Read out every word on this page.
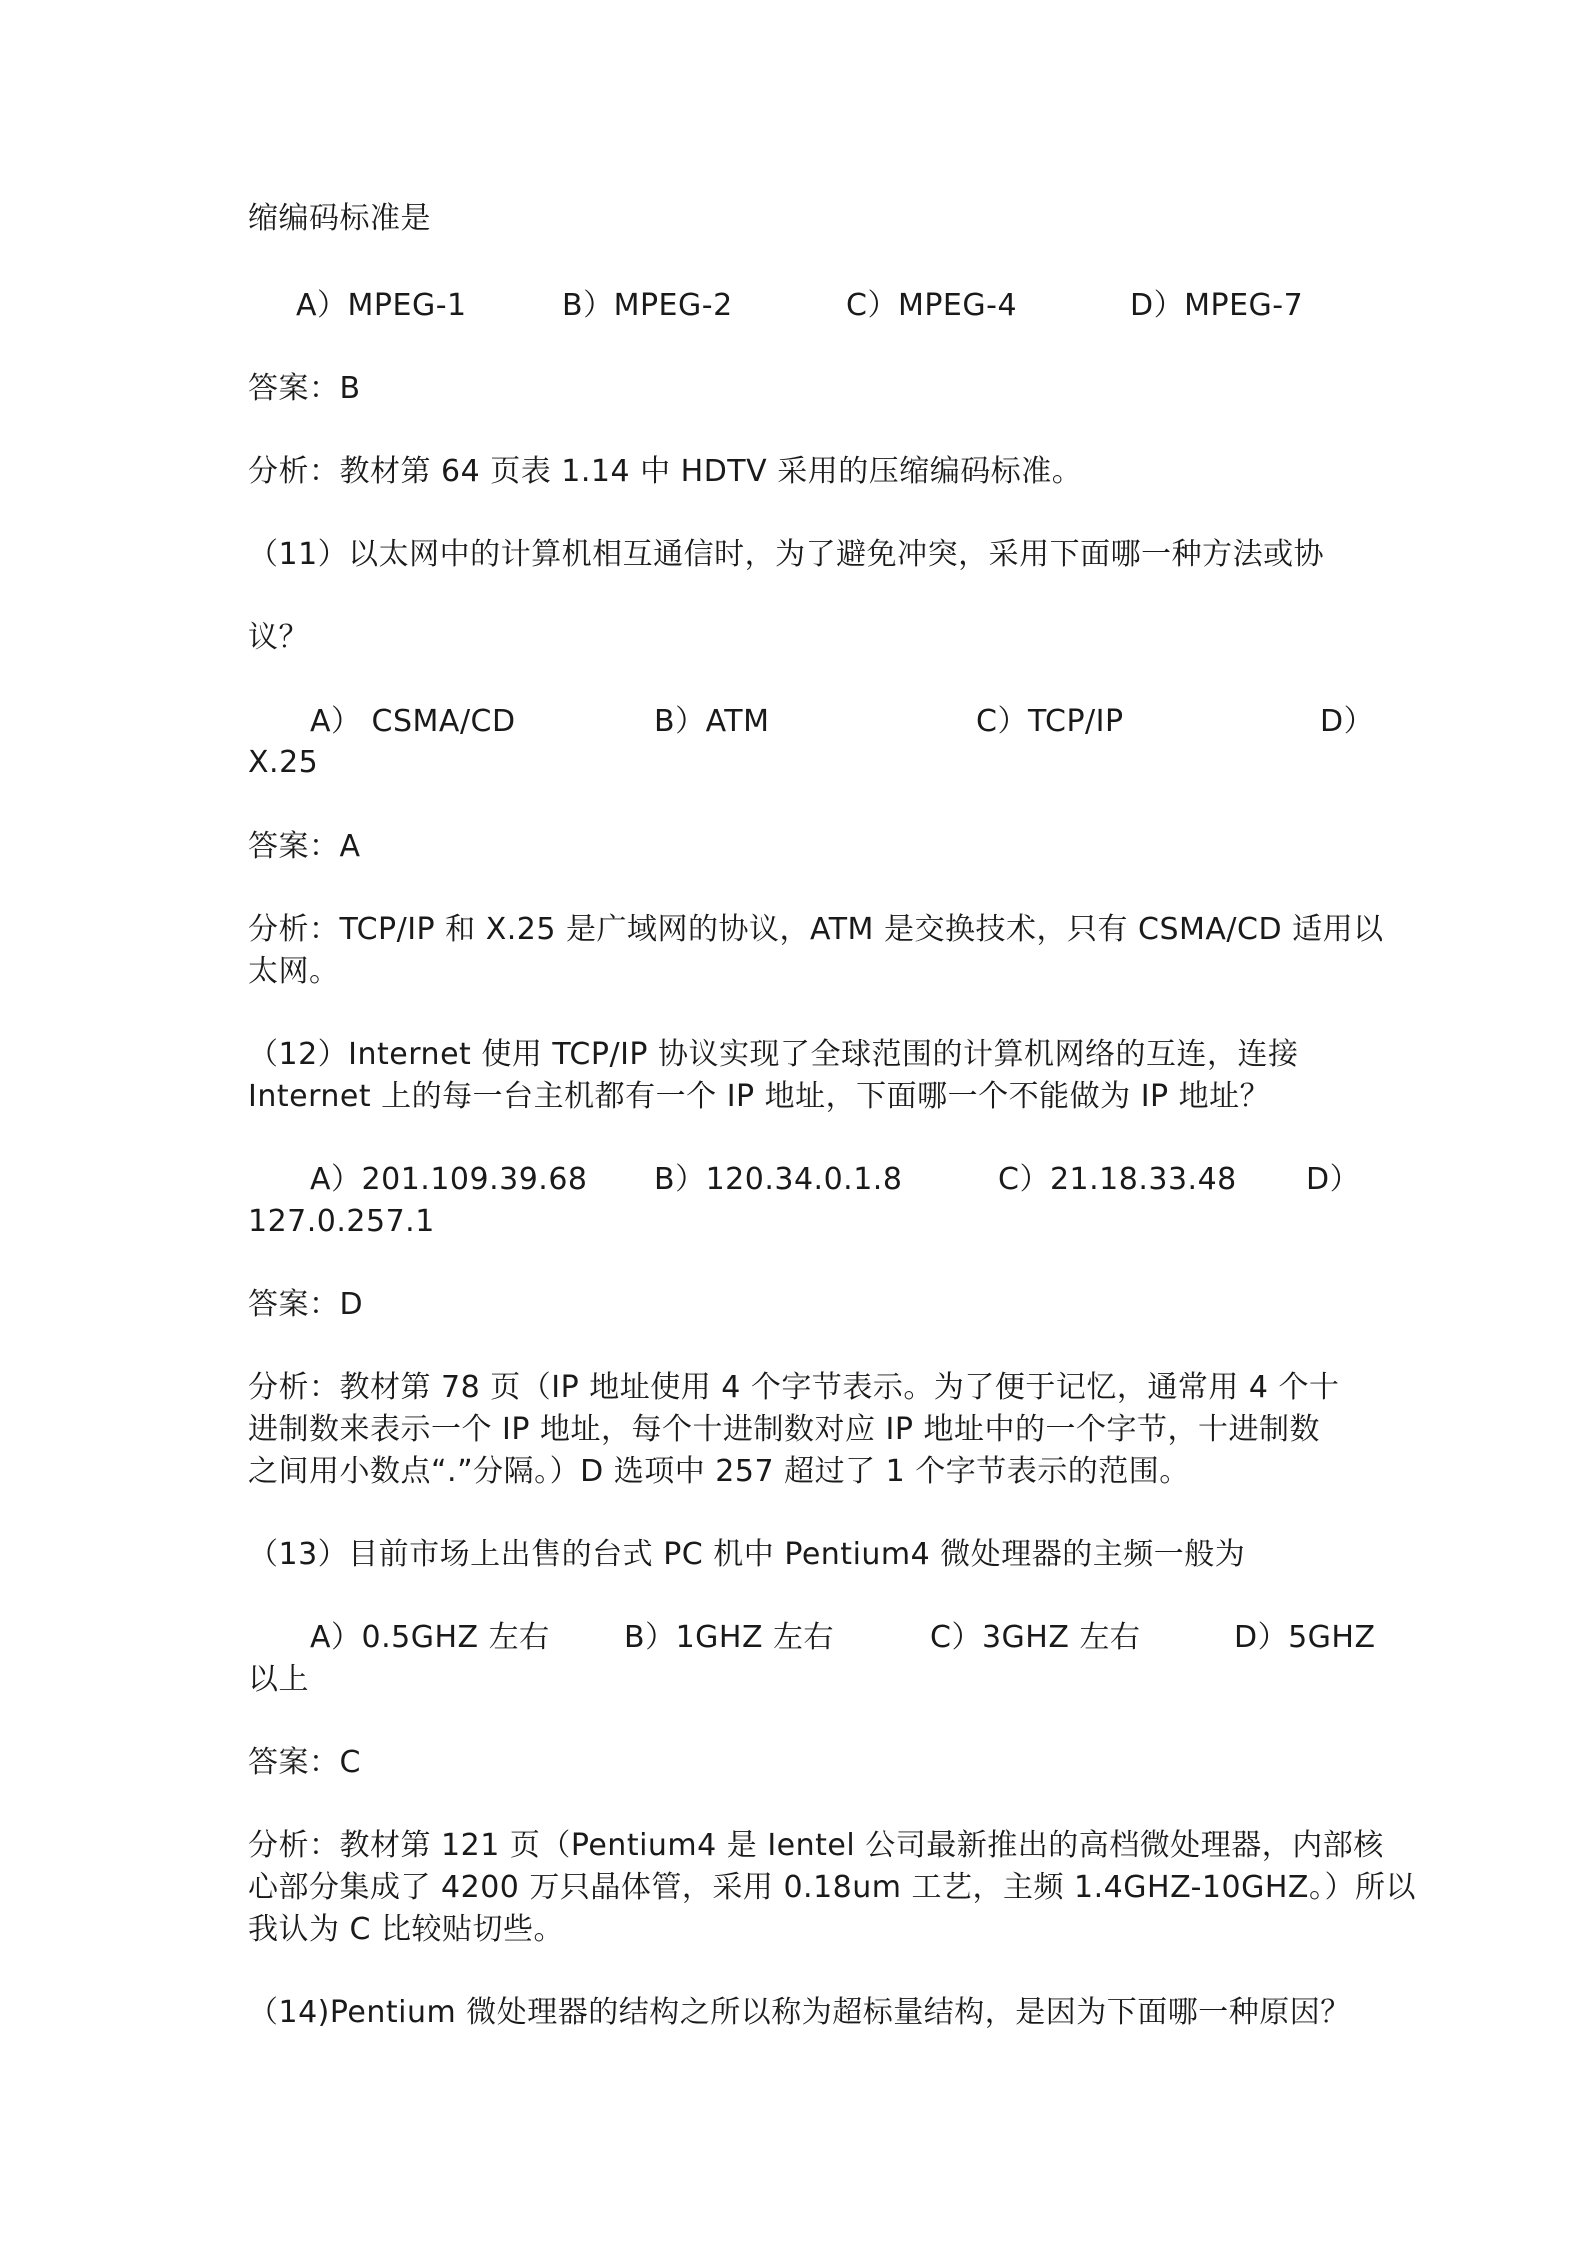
缩编码标准是
A）MPEG-1	B）MPEG-2	C）MPEG-4	D）MPEG-7
答案：B
分析：教材第 64 页表 1.14 中 HDTV 采用的压缩编码标准。
（11）以太网中的计算机相互通信时，为了避免冲突，采用下面哪一种方法或协
议？
A） CSMA/CD	B）ATM	C）TCP/IP	D）
X.25
答案：A
分析：TCP/IP 和 X.25 是广域网的协议，ATM 是交换技术，只有 CSMA/CD 适用以
太网。
（12）Internet 使用 TCP/IP 协议实现了全球范围的计算机网络的互连，连接
Internet 上的每一台主机都有一个 IP 地址，下面哪一个不能做为 IP 地址？
A）201.109.39.68 B）120.34.0.1.8	C）21.18.33.48 D）
127.0.257.1
答案：D
分析：教材第 78 页（IP 地址使用 4 个字节表示。为了便于记忆，通常用 4 个十
进制数来表示一个 IP 地址，每个十进制数对应 IP 地址中的一个字节，十进制数
之间用小数点“.”分隔。）D 选项中 257 超过了 1 个字节表示的范围。
（13）目前市场上出售的台式 PC 机中 Pentium4 微处理器的主频一般为
A）0.5GHZ 左右 B）1GHZ 左右	C）3GHZ 左右	D）5GHZ
以上
答案：C
分析：教材第 121 页（Pentium4 是 Ientel 公司最新推出的高档微处理器，内部核
心部分集成了 4200 万只晶体管，采用 0.18um 工艺，主频 1.4GHZ-10GHZ。）所以
我认为 C 比较贴切些。
（14)Pentium 微处理器的结构之所以称为超标量结构，是因为下面哪一种原因？
